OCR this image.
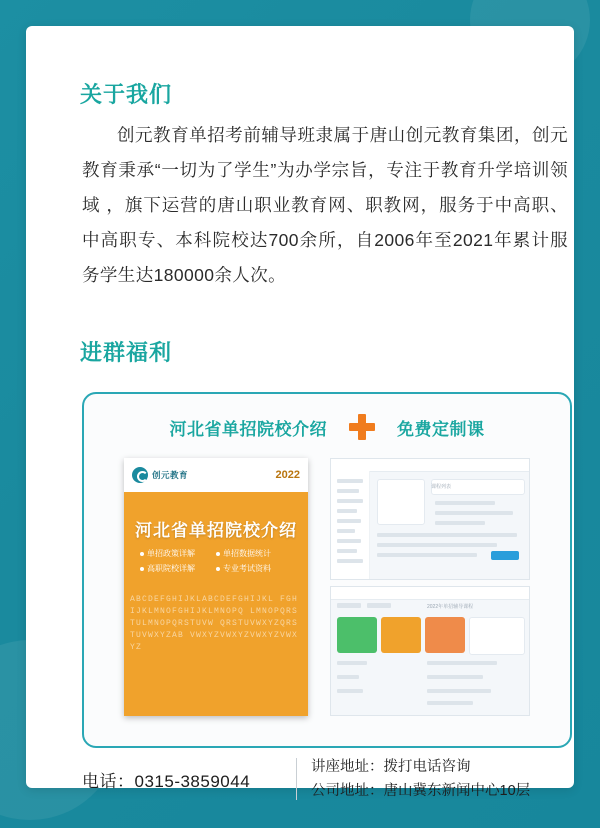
关于我们
创元教育单招考前辅导班隶属于唐山创元教育集团，创元教育秉承“一切为了学生”为办学宗旨，专注于教育升学培训领域 ，旗下运营的唐山职业教育网、职教网，服务于中高职、中高职专、本科院校达700余所，自2006年至2021年累计服务学生达180000余人次。
进群福利
河北省单招院校介绍	免费定制课
创元教育	2022
河北省单招院校介绍
单招政策详解	单招数据统计
高职院校详解	专业考试资料
ABCDEFGHIJKLABCDEFGHIJKL FGHIJKLMNOFGHIJKLMNOPQ LMNOPQRSTULMNOPQRSTUVW QRSTUVWXYZQRSTUVWXYZAB VWXYZVWXYZVWXYZVWXYZ
课程列表
2022年单招辅导课程
电话：0315-3859044
讲座地址：拨打电话咨询
公司地址：唐山冀东新闻中心10层
